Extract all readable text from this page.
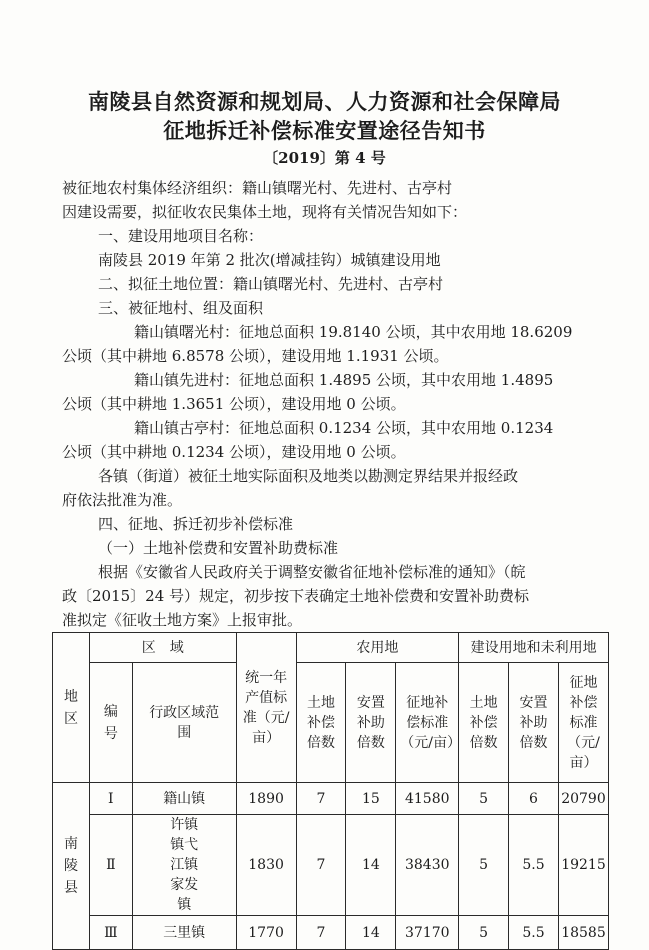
南陵县自然资源和规划局、人力资源和社会保障局
征地拆迁补偿标准安置途径告知书
〔2019〕第 4 号
被征地农村集体经济组织：籍山镇曙光村、先进村、古亭村
因建设需要，拟征收农民集体土地，现将有关情况告知如下：
一、建设用地项目名称：
南陵县 2019 年第 2 批次(增减挂钩）城镇建设用地
二、拟征土地位置：籍山镇曙光村、先进村、古亭村
三、被征地村、组及面积
籍山镇曙光村：征地总面积 19.8140 公顷，其中农用地 18.6209
公顷（其中耕地 6.8578 公顷），建设用地 1.1931 公顷。
籍山镇先进村：征地总面积 1.4895 公顷，其中农用地 1.4895
公顷（其中耕地 1.3651 公顷），建设用地 0 公顷。
籍山镇古亭村：征地总面积 0.1234 公顷，其中农用地 0.1234
公顷（其中耕地 0.1234 公顷），建设用地 0 公顷。
各镇（街道）被征土地实际面积及地类以勘测定界结果并报经政
府依法批准为准。
四、征地、拆迁初步补偿标准
（一）土地补偿费和安置补助费标准
根据《安徽省人民政府关于调整安徽省征地补偿标准的通知》（皖
政〔2015〕24 号）规定，初步按下表确定土地补偿费和安置补助费标
地区	区　域		统一年产值标准（元/亩）	农用地			建设用地和未利用地		
	编号	行政区域范　围		土地补偿倍数	安置补助倍数	征地补偿标准（元/亩）	土地补偿倍数	安置补助倍数	征地补偿标准（元/亩）
南陵县	Ⅰ	籍山镇	1890	7	15	41580	5	6	20790
	Ⅱ	许镇镇弋江镇家发镇	1830	7	14	38430	5	5.5	19215
	Ⅲ	三里镇	1770	7	14	37170	5	5.5	18585
准拟定《征收土地方案》上报审批。
